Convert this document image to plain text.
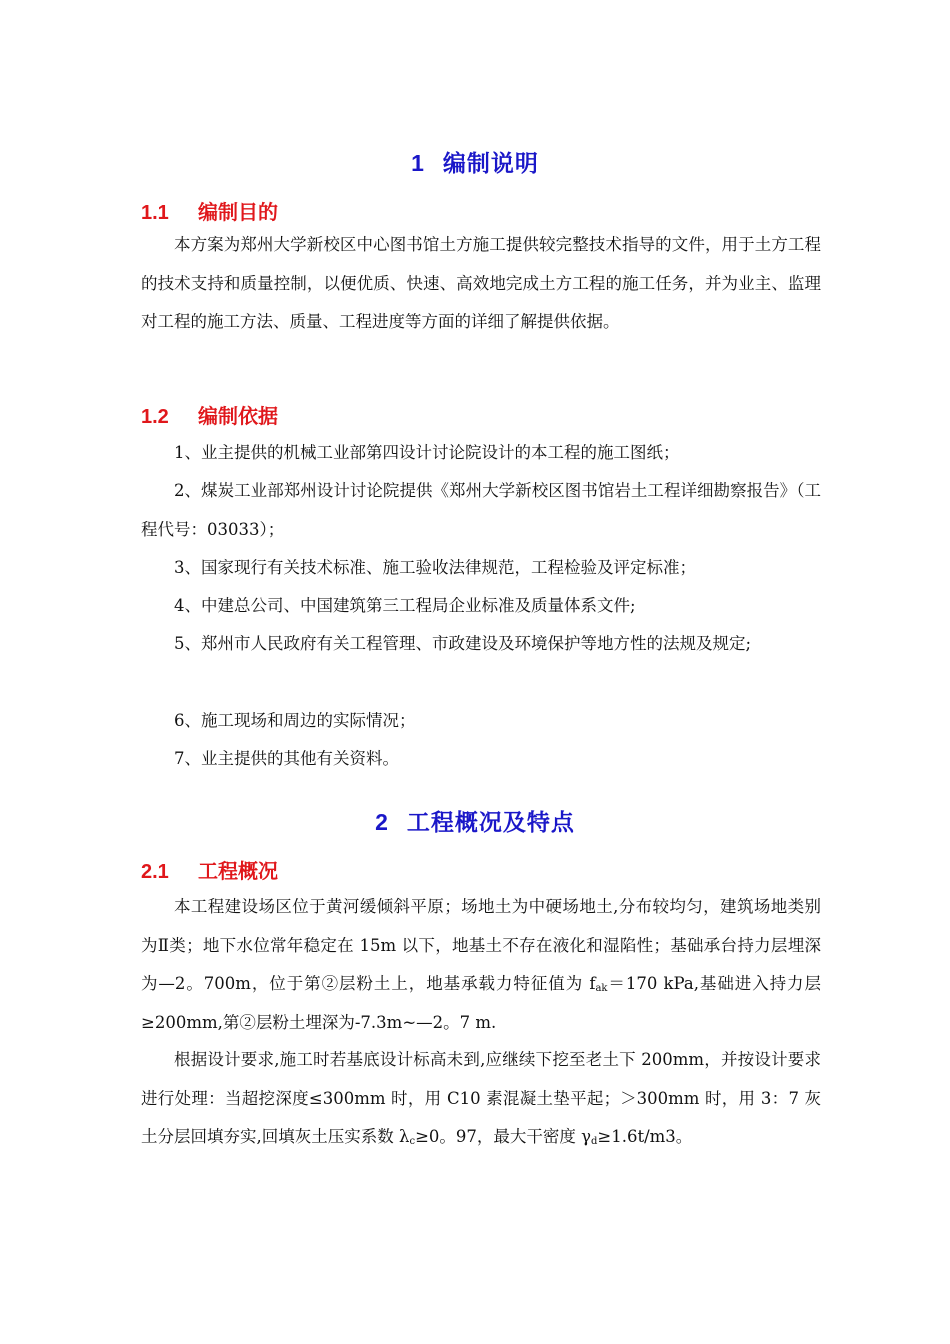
1 编制说明
1.1 编制目的

本方案为郑州大学新校区中心图书馆土方施工提供较完整技术指导的文件，用于土方工程的技术支持和质量控制，以便优质、快速、高效地完成土方工程的施工任务，并为业主、监理对工程的施工方法、质量、工程进度等方面的详细了解提供依据。

1.2 编制依据

1、业主提供的机械工业部第四设计讨论院设计的本工程的施工图纸；

2、煤炭工业部郑州设计讨论院提供《郑州大学新校区图书馆岩土工程详细勘察报告》（工程代号：03033）；

3、国家现行有关技术标准、施工验收法律规范，工程检验及评定标准；

4、中建总公司、中国建筑第三工程局企业标准及质量体系文件;

5、郑州市人民政府有关工程管理、市政建设及环境保护等地方性的法规及规定;

6、施工现场和周边的实际情况；

7、业主提供的其他有关资料。

2 工程概况及特点
2.1 工程概况

本工程建设场区位于黄河缓倾斜平原；场地土为中硬场地土,分布较均匀，建筑场地类别为Ⅱ类；地下水位常年稳定在 15m 以下，地基土不存在液化和湿陷性；基础承台持力层埋深为—2。700m，位于第②层粉土上，地基承载力特征值为 $f_{ak}=170$ kPa,基础进入持力层≥200mm,第②层粉土埋深为-7.3m~—2。7 m.

根据设计要求,施工时若基底设计标高未到,应继续下挖至老土下 200mm，并按设计要求进行处理：当超挖深度≤300mm 时，用 C10 素混凝土垫平起；＞300mm 时，用 3：7 灰土分层回填夯实,回填灰土压实系数 $\lambda_c\ge 0$。97，最大干密度 $\gamma_d\ge 1.6t/m3$。
